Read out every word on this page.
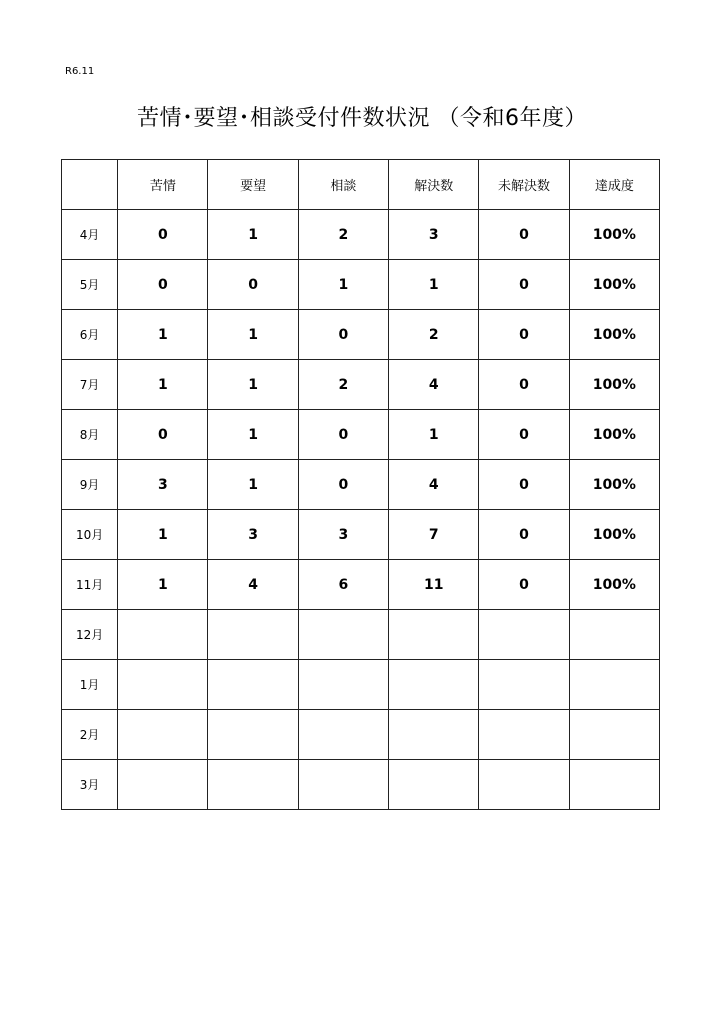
R6.11
苦情･要望･相談受付件数状況 （令和6年度）
	苦情	要望	相談	解決数	未解決数	達成度
4月	0	1	2	3	0	100%
5月	0	0	1	1	0	100%
6月	1	1	0	2	0	100%
7月	1	1	2	4	0	100%
8月	0	1	0	1	0	100%
9月	3	1	0	4	0	100%
10月	1	3	3	7	0	100%
11月	1	4	6	11	0	100%
12月						
1月						
2月						
3月						
